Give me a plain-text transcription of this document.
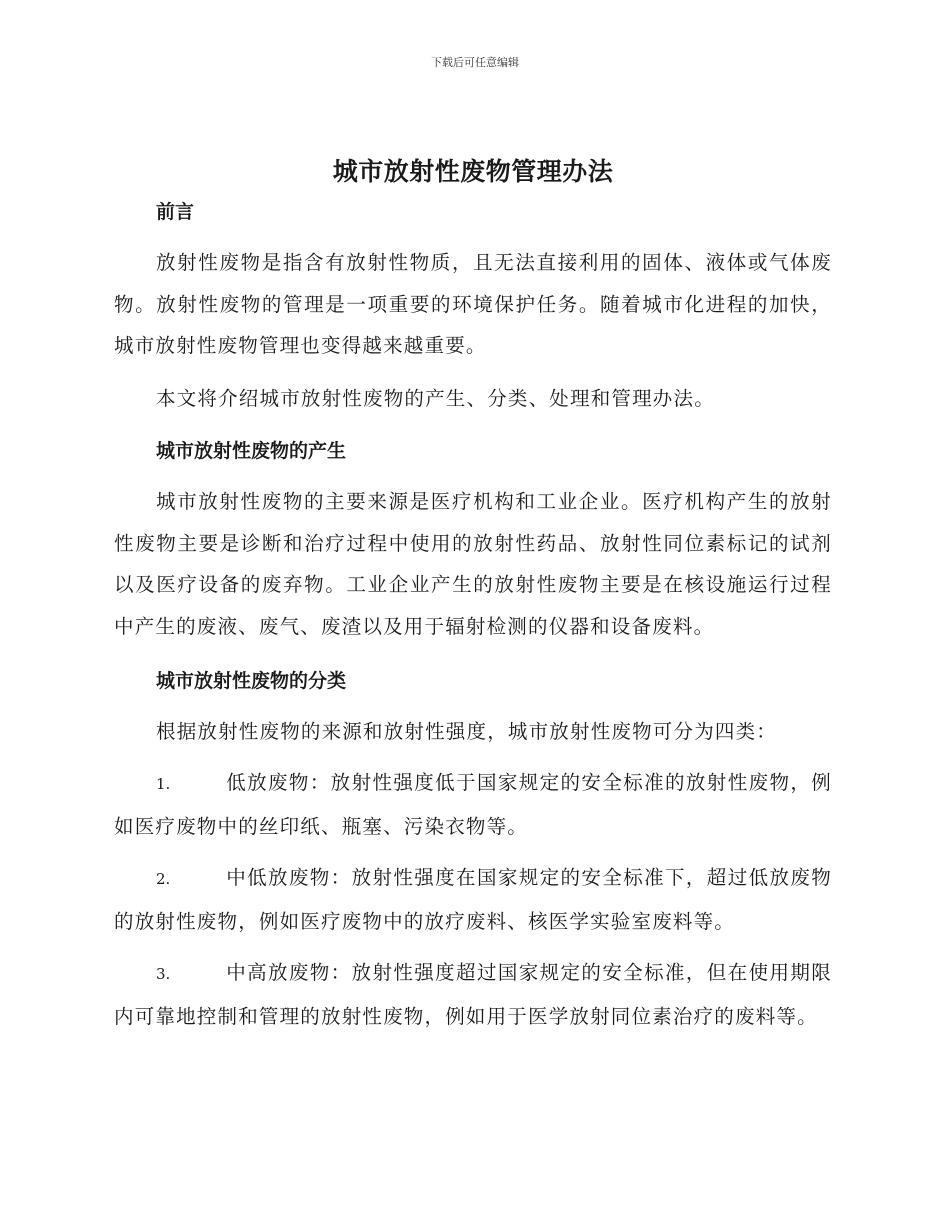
下载后可任意编辑
城市放射性废物管理办法
前言

放射性废物是指含有放射性物质，且无法直接利用的固体、液体或气体废物。放射性废物的管理是一项重要的环境保护任务。随着城市化进程的加快，城市放射性废物管理也变得越来越重要。

本文将介绍城市放射性废物的产生、分类、处理和管理办法。

城市放射性废物的产生

城市放射性废物的主要来源是医疗机构和工业企业。医疗机构产生的放射性废物主要是诊断和治疗过程中使用的放射性药品、放射性同位素标记的试剂以及医疗设备的废弃物。工业企业产生的放射性废物主要是在核设施运行过程中产生的废液、废气、废渣以及用于辐射检测的仪器和设备废料。

城市放射性废物的分类

根据放射性废物的来源和放射性强度，城市放射性废物可分为四类：

1.	低放废物：放射性强度低于国家规定的安全标准的放射性废物，例如医疗废物中的丝印纸、瓶塞、污染衣物等。

2.	中低放废物：放射性强度在国家规定的安全标准下，超过低放废物的放射性废物，例如医疗废物中的放疗废料、核医学实验室废料等。

3.	中高放废物：放射性强度超过国家规定的安全标准，但在使用期限内可靠地控制和管理的放射性废物，例如用于医学放射同位素治疗的废料等。
